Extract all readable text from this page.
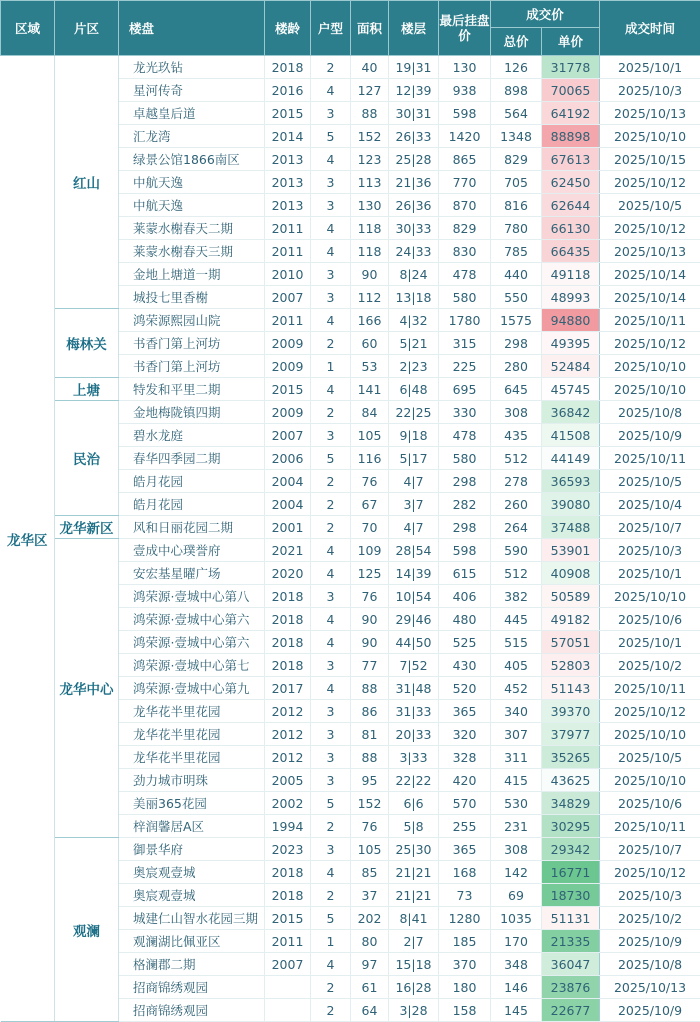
区域	片区	楼盘	楼龄	户型	面积	楼层	最后挂盘价	成交价		成交时间
								总价	单价	
龙华区	红山	龙光玖钻	2018	2	40	19|31	130	126	31778	2025/10/1
		星河传奇	2016	4	127	12|39	938	898	70065	2025/10/3
		卓越皇后道	2015	3	88	30|31	598	564	64192	2025/10/13
		汇龙湾	2014	5	152	26|33	1420	1348	88898	2025/10/10
		绿景公馆1866南区	2013	4	123	25|28	865	829	67613	2025/10/15
		中航天逸	2013	3	113	21|36	770	705	62450	2025/10/12
		中航天逸	2013	3	130	26|36	870	816	62644	2025/10/5
		莱蒙水榭春天二期	2011	4	118	30|33	829	780	66130	2025/10/12
		莱蒙水榭春天三期	2011	4	118	24|33	830	785	66435	2025/10/13
		金地上塘道一期	2010	3	90	8|24	478	440	49118	2025/10/14
		城投七里香榭	2007	3	112	13|18	580	550	48993	2025/10/14
	梅林关	鸿荣源熙园山院	2011	4	166	4|32	1780	1575	94880	2025/10/11
		书香门第上河坊	2009	2	60	5|21	315	298	49395	2025/10/12
		书香门第上河坊	2009	1	53	2|23	225	280	52484	2025/10/10
	上塘	特发和平里二期	2015	4	141	6|48	695	645	45745	2025/10/10
	民治	金地梅陇镇四期	2009	2	84	22|25	330	308	36842	2025/10/8
		碧水龙庭	2007	3	105	9|18	478	435	41508	2025/10/9
		春华四季园二期	2006	5	116	5|17	580	512	44149	2025/10/11
		皓月花园	2004	2	76	4|7	298	278	36593	2025/10/5
		皓月花园	2004	2	67	3|7	282	260	39080	2025/10/4
	龙华新区	风和日丽花园二期	2001	2	70	4|7	298	264	37488	2025/10/7
	龙华中心	壹成中心璞誉府	2021	4	109	28|54	598	590	53901	2025/10/3
		安宏基星曜广场	2020	4	125	14|39	615	512	40908	2025/10/1
		鸿荣源·壹城中心第八	2018	3	76	10|54	406	382	50589	2025/10/10
		鸿荣源·壹城中心第六	2018	4	90	29|46	480	445	49182	2025/10/6
		鸿荣源·壹城中心第六	2018	4	90	44|50	525	515	57051	2025/10/1
		鸿荣源·壹城中心第七	2018	3	77	7|52	430	405	52803	2025/10/2
		鸿荣源·壹城中心第九	2017	4	88	31|48	520	452	51143	2025/10/11
		龙华花半里花园	2012	3	86	31|33	365	340	39370	2025/10/12
		龙华花半里花园	2012	3	81	20|33	320	307	37977	2025/10/10
		龙华花半里花园	2012	3	88	3|33	328	311	35265	2025/10/5
		劲力城市明珠	2005	3	95	22|22	420	415	43625	2025/10/10
		美丽365花园	2002	5	152	6|6	570	530	34829	2025/10/6
		梓润馨居A区	1994	2	76	5|8	255	231	30295	2025/10/11
	观澜	御景华府	2023	3	105	25|30	365	308	29342	2025/10/7
		奥宸观壹城	2018	4	85	21|21	168	142	16771	2025/10/12
		奥宸观壹城	2018	2	37	21|21	73	69	18730	2025/10/3
		城建仁山智水花园三期	2015	5	202	8|41	1280	1035	51131	2025/10/2
		观澜湖比佩亚区	2011	1	80	2|7	185	170	21335	2025/10/9
		格澜郡二期	2007	4	97	15|18	370	348	36047	2025/10/8
		招商锦绣观园		2	61	16|28	180	146	23876	2025/10/13
		招商锦绣观园		2	64	3|28	158	145	22677	2025/10/9
